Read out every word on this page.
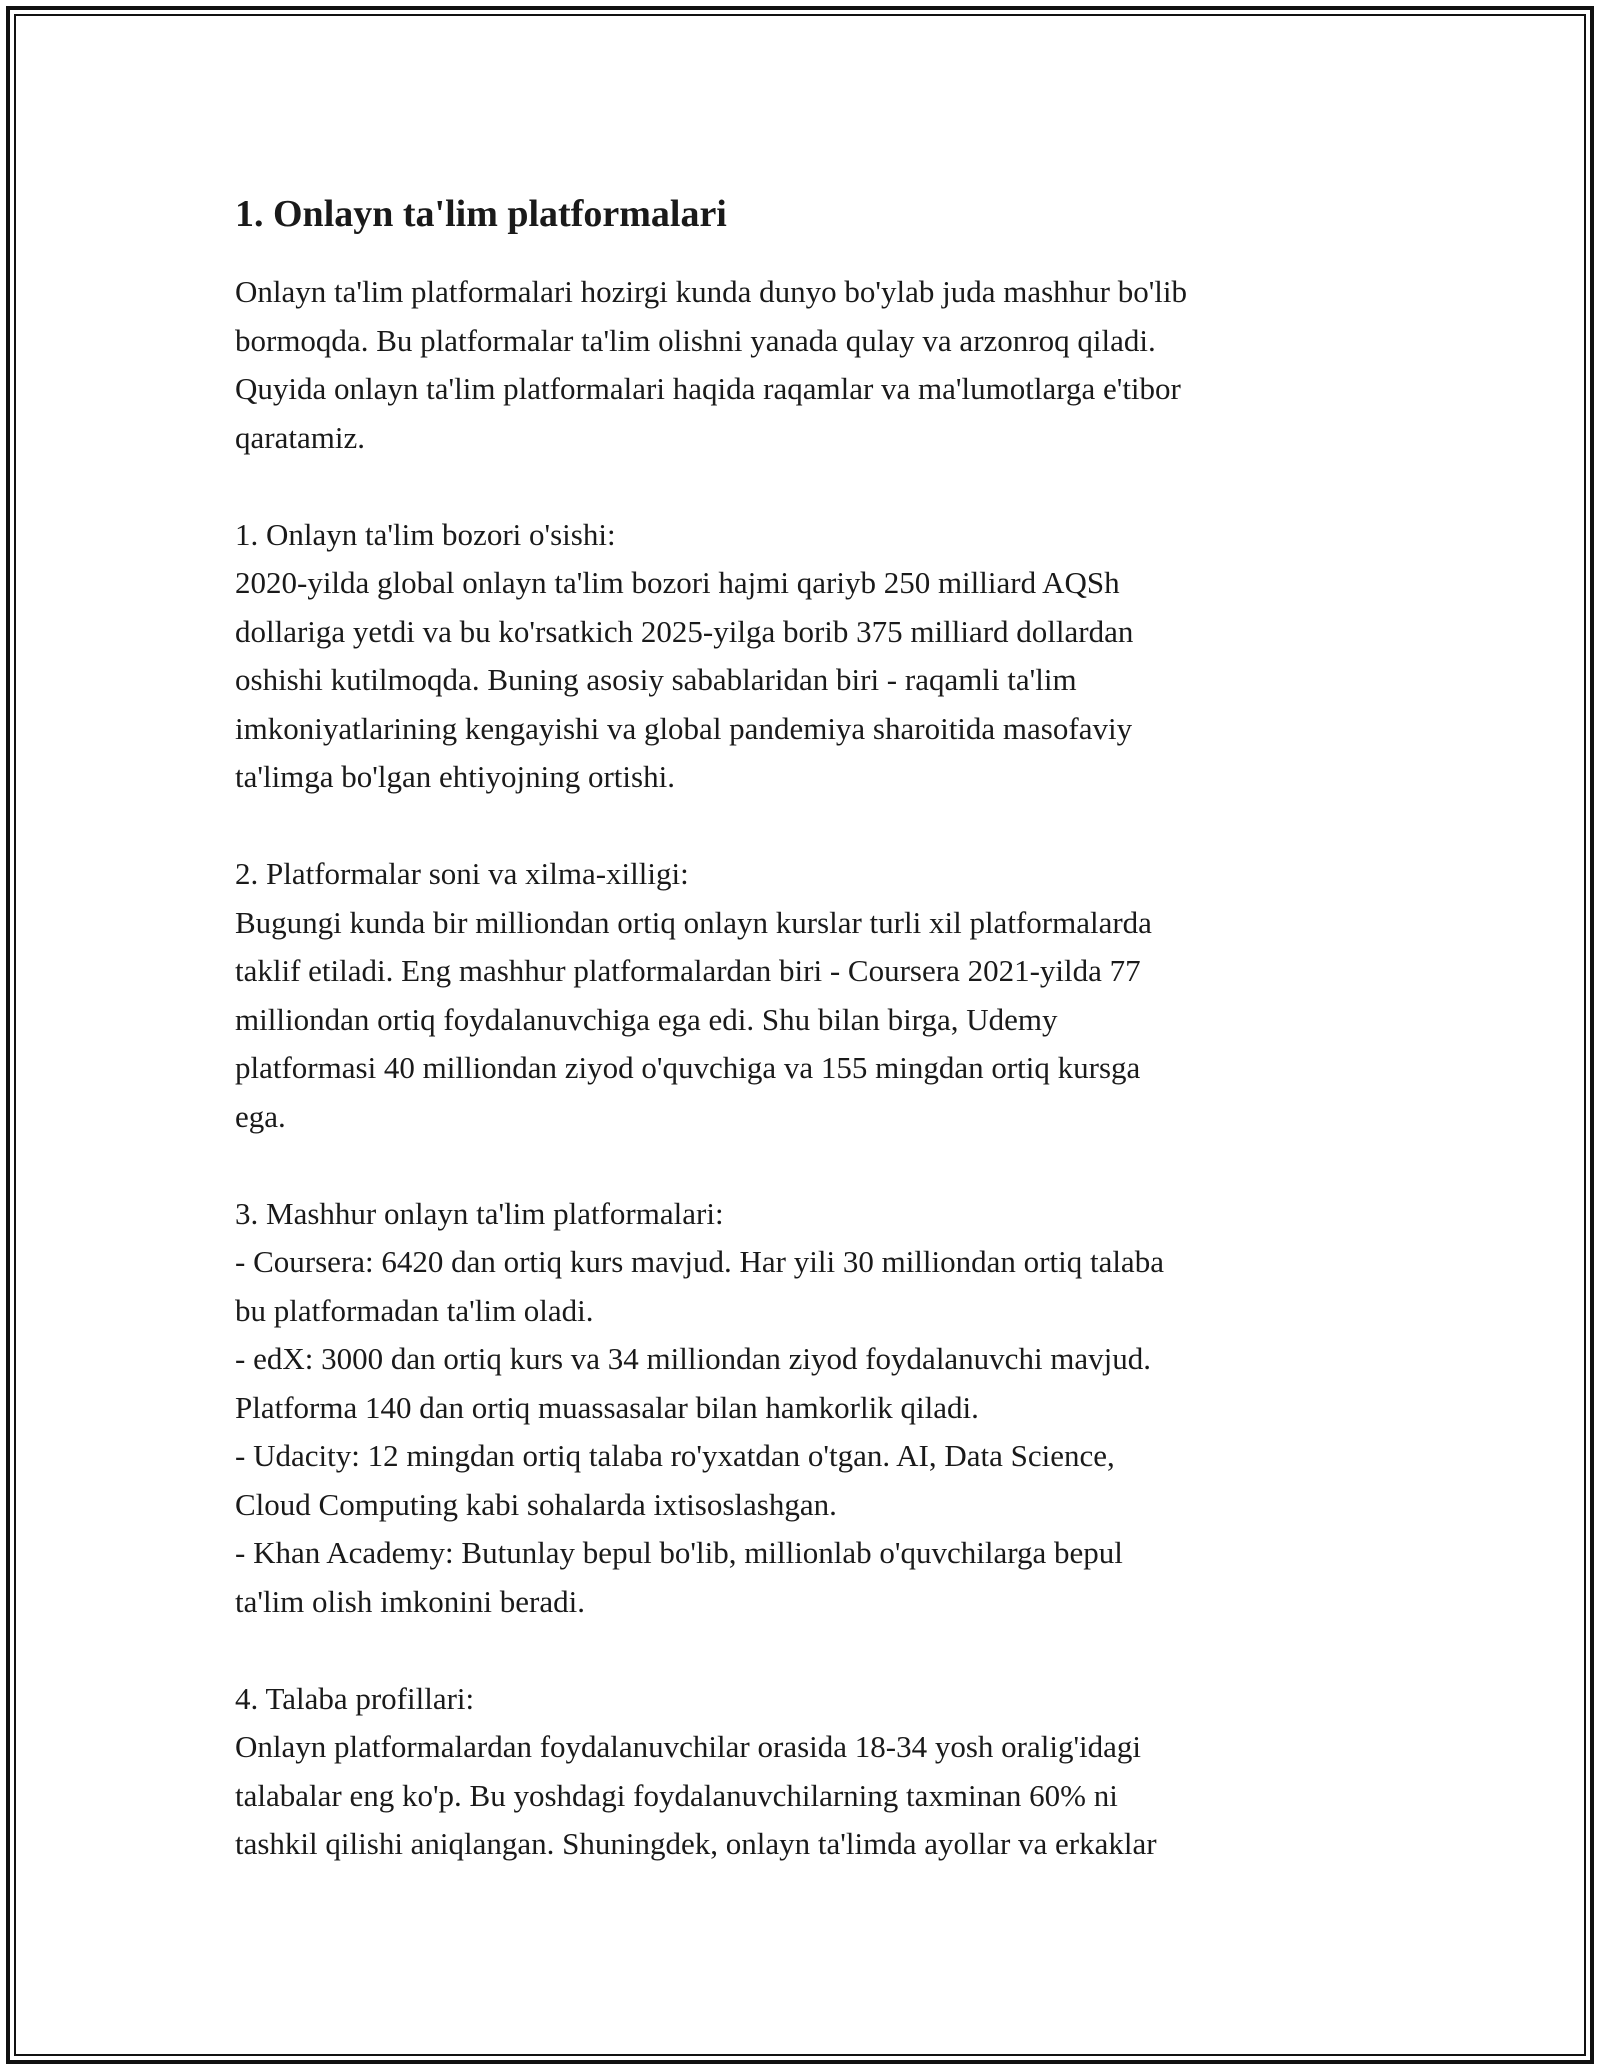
1. Onlayn ta'lim platformalari
Onlayn ta'lim platformalari hozirgi kunda dunyo bo'ylab juda mashhur bo'lib
bormoqda. Bu platformalar ta'lim olishni yanada qulay va arzonroq qiladi.
Quyida onlayn ta'lim platformalari haqida raqamlar va ma'lumotlarga e'tibor
qaratamiz.
1. Onlayn ta'lim bozori o'sishi:
2020-yilda global onlayn ta'lim bozori hajmi qariyb 250 milliard AQSh
dollariga yetdi va bu ko'rsatkich 2025-yilga borib 375 milliard dollardan
oshishi kutilmoqda. Buning asosiy sabablaridan biri - raqamli ta'lim
imkoniyatlarining kengayishi va global pandemiya sharoitida masofaviy
ta'limga bo'lgan ehtiyojning ortishi.
2. Platformalar soni va xilma-xilligi:
Bugungi kunda bir milliondan ortiq onlayn kurslar turli xil platformalarda
taklif etiladi. Eng mashhur platformalardan biri - Coursera 2021-yilda 77
milliondan ortiq foydalanuvchiga ega edi. Shu bilan birga, Udemy
platformasi 40 milliondan ziyod o'quvchiga va 155 mingdan ortiq kursga
ega.
3. Mashhur onlayn ta'lim platformalari:
- Coursera: 6420 dan ortiq kurs mavjud. Har yili 30 milliondan ortiq talaba
bu platformadan ta'lim oladi.
- edX: 3000 dan ortiq kurs va 34 milliondan ziyod foydalanuvchi mavjud.
Platforma 140 dan ortiq muassasalar bilan hamkorlik qiladi.
- Udacity: 12 mingdan ortiq talaba ro'yxatdan o'tgan. AI, Data Science,
Cloud Computing kabi sohalarda ixtisoslashgan.
- Khan Academy: Butunlay bepul bo'lib, millionlab o'quvchilarga bepul
ta'lim olish imkonini beradi.
4. Talaba profillari:
Onlayn platformalardan foydalanuvchilar orasida 18-34 yosh oralig'idagi
talabalar eng ko'p. Bu yoshdagi foydalanuvchilarning taxminan 60% ni
tashkil qilishi aniqlangan. Shuningdek, onlayn ta'limda ayollar va erkaklar
